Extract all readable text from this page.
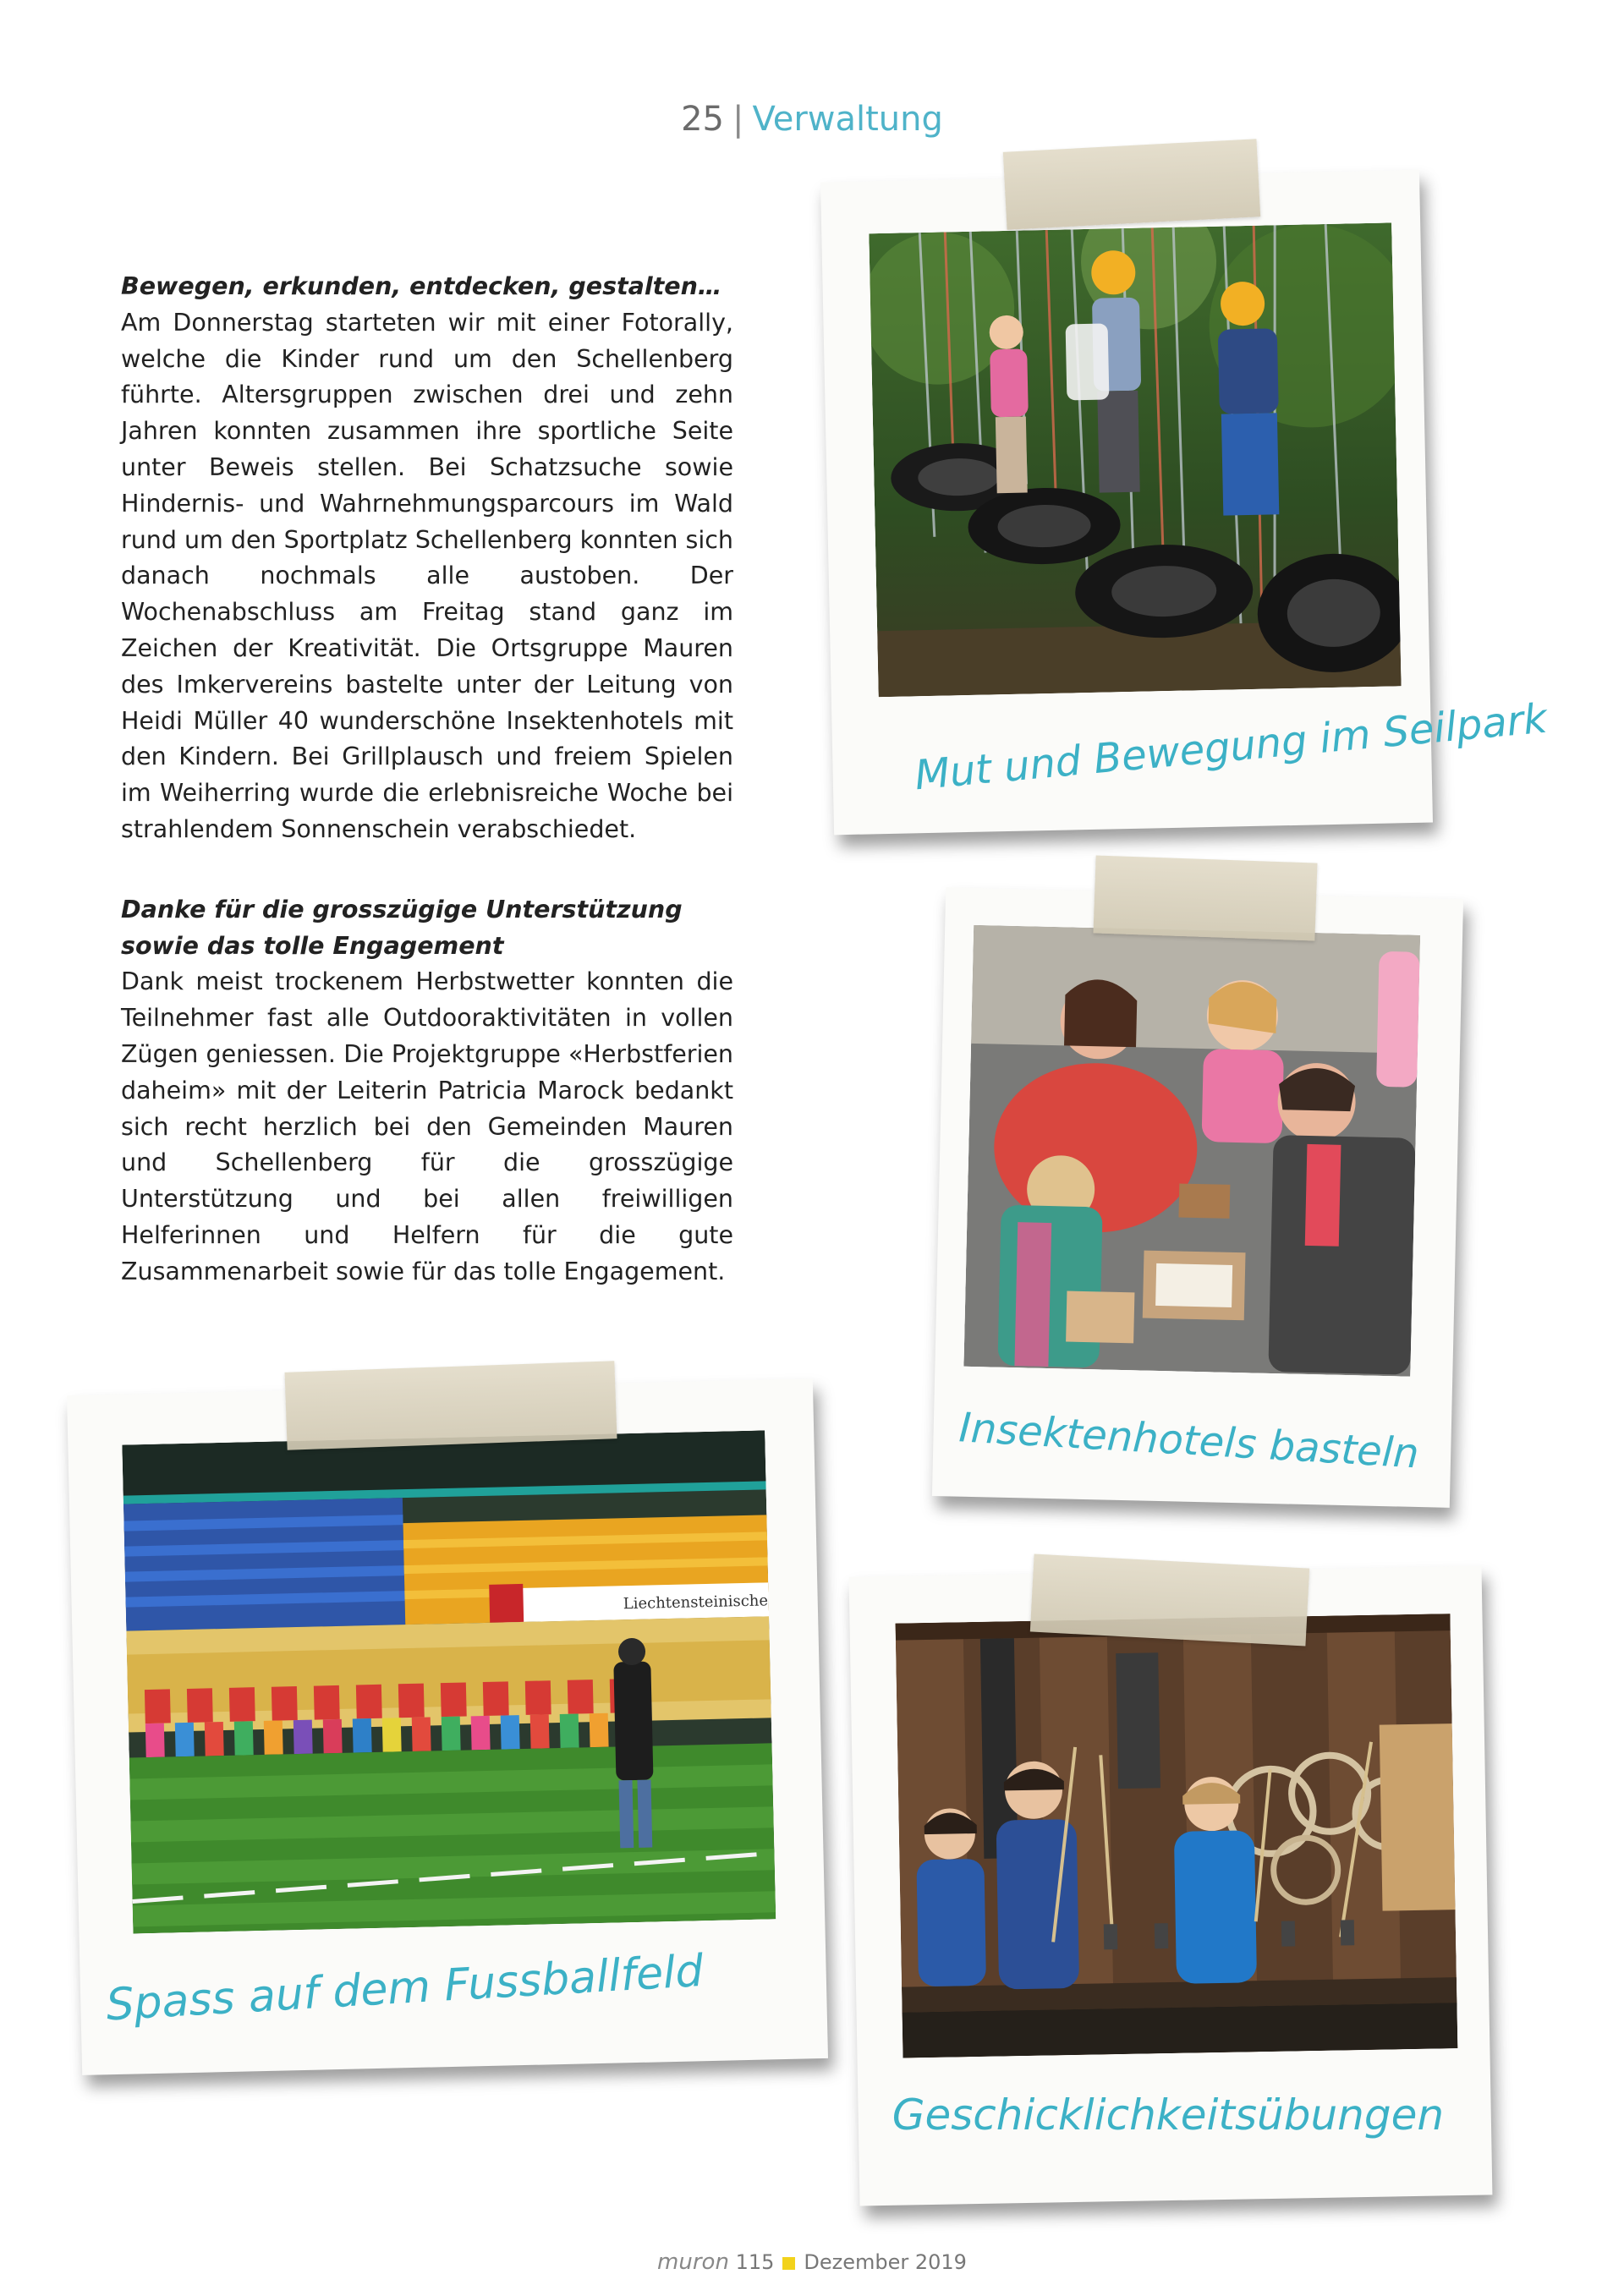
25 | Verwaltung
Bewegen, erkunden, entdecken, gestalten…

Am Donnerstag starteten wir mit einer Fotorally, welche die Kinder rund um den Schellenberg führte. Altersgruppen zwischen drei und zehn Jahren konnten zusammen ihre sportliche Seite unter Beweis stellen. Bei Schatzsuche sowie Hindernis- und Wahrnehmungsparcours im Wald rund um den Sportplatz Schellenberg konnten sich danach nochmals alle austoben. Der Wochenabschluss am Freitag stand ganz im Zeichen der Kreativität. Die Ortsgruppe Mauren des Imkervereins bastelte unter der Leitung von Heidi Müller 40 wunderschöne Insektenhotels mit den Kindern. Bei Grillplausch und freiem Spielen im Weiherring wurde die erlebnisreiche Woche bei strahlendem Sonnenschein verabschiedet.

Danke für die grosszügige Unterstützung sowie das tolle Engagement

Dank meist trockenem Herbstwetter konnten die Teilnehmer fast alle Outdooraktivitäten in vollen Zügen geniessen. Die Projektgruppe «Herbstferien daheim» mit der Leiterin Patricia Marock bedankt sich recht herzlich bei den Gemeinden Mauren und Schellenberg für die grosszügige Unterstützung und bei allen freiwilligen Helferinnen und Helfern für die gute Zusammenarbeit sowie für das tolle Engagement.

Mut und Bewegung im Seilpark
Insektenhotels basteln
Liechtensteinische
Spass auf dem Fussballfeld
Geschicklichkeitsübungen
muron 115 Dezember 2019
